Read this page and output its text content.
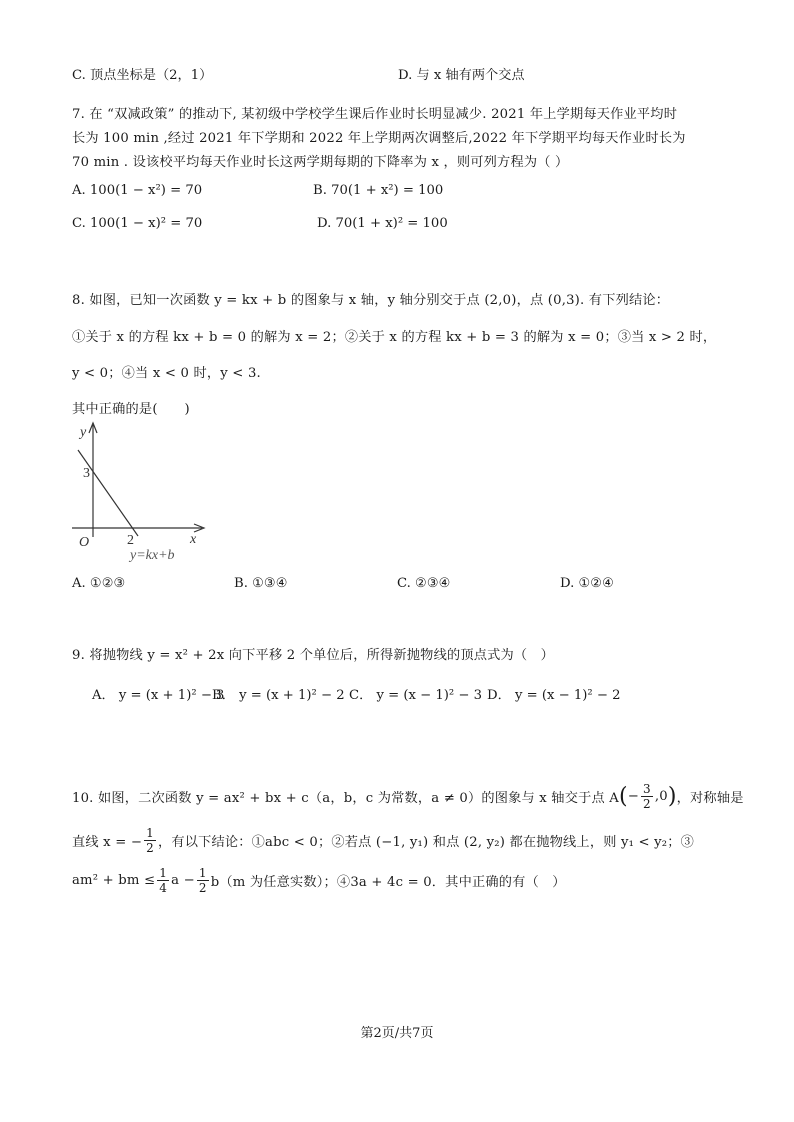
C. 顶点坐标是（2，1）	D. 与 x 轴有两个交点
7. 在 “双减政策” 的推动下, 某初级中学校学生课后作业时长明显减少. 2021 年上学期每天作业平均时
长为 100 min ,经过 2021 年下学期和 2022 年上学期两次调整后,2022 年下学期平均每天作业时长为
70 min . 设该校平均每天作业时长这两学期每期的下降率为 x ，则可列方程为（ ）
A. 100(1 − x²) = 70	B. 70(1 + x²) = 100
C. 100(1 − x)² = 70	D. 70(1 + x)² = 100
8. 如图，已知一次函数 y = kx + b 的图象与 x 轴，y 轴分别交于点 (2,0)，点 (0,3). 有下列结论：
①关于 x 的方程 kx + b = 0 的解为 x = 2；②关于 x 的方程 kx + b = 3 的解为 x = 0；③当 x > 2 时，
y < 0；④当 x < 0 时，y < 3.
其中正确的是(　　)
y
x
O
3
2
y=kx+b
A. ①②③	B. ①③④	C. ②③④	D. ①②④
9. 将抛物线 y = x² + 2x 向下平移 2 个单位后，所得新抛物线的顶点式为（　）
A． y = (x + 1)² − 3
B． y = (x + 1)² − 2 C． y = (x − 1)² − 3 D． y = (x − 1)² − 2
10. 如图，二次函数 y = ax² + bx + c（a，b，c 为常数，a ≠ 0）的图象与 x 轴交于点 A ( − $\frac{3}{2} ,0$ ) ，对称轴是
直线 x = − $\frac{1}{2}$ ，有以下结论：①abc < 0；②若点 (−1, y₁) 和点 (2, y₂) 都在抛物线上，则 y₁ < y₂；③
am² + bm ≤ $\frac{1}{4}$ $a - \frac{1}{2} b(m$ 为任意实数）；④3a + 4c = 0．其中正确的有（　）
第2页/共7页
